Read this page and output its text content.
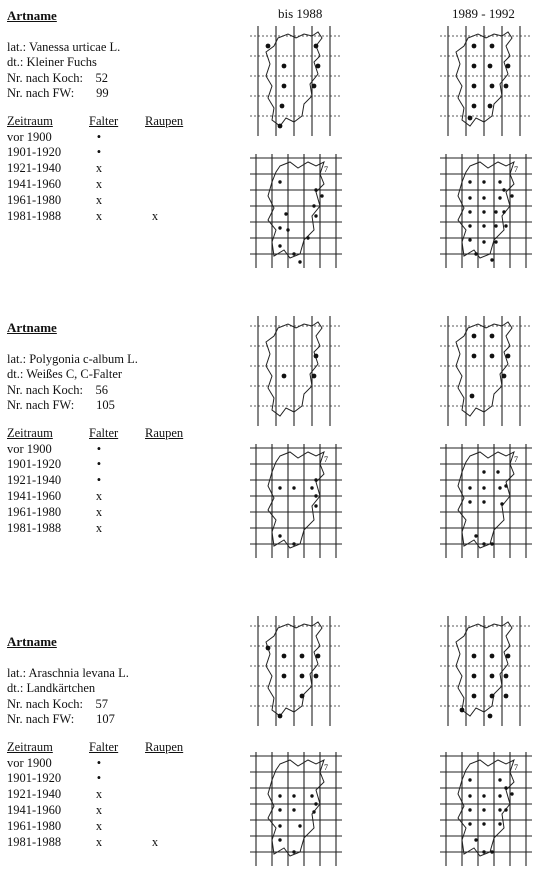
bis 1988	1989 - 1992
Artname
lat.: Vanessa urticae L.
dt.: Kleiner Fuchs
Nr. nach Koch: 52
Nr. nach FW: 99
Zeitraum	Falter	Raupen
vor 1900	•	
1901-1920	•	
1921-1940	x	
1941-1960	x	
1961-1980	x	
1981-1988	x	x
Artname
lat.: Polygonia c-album L.
dt.: Weißes C, C-Falter
Nr. nach Koch: 56
Nr. nach FW: 105
Zeitraum	Falter	Raupen
vor 1900	•	
1901-1920	•	
1921-1940	•	
1941-1960	x	
1961-1980	x	
1981-1988	x	
Artname
lat.: Araschnia levana L.
dt.: Landkärtchen
Nr. nach Koch: 57
Nr. nach FW: 107
Zeitraum	Falter	Raupen
vor 1900	•	
1901-1920	•	
1921-1940	x	
1941-1960	x	
1961-1980	x	
1981-1988	x	x
7	7
7	7
7	7
